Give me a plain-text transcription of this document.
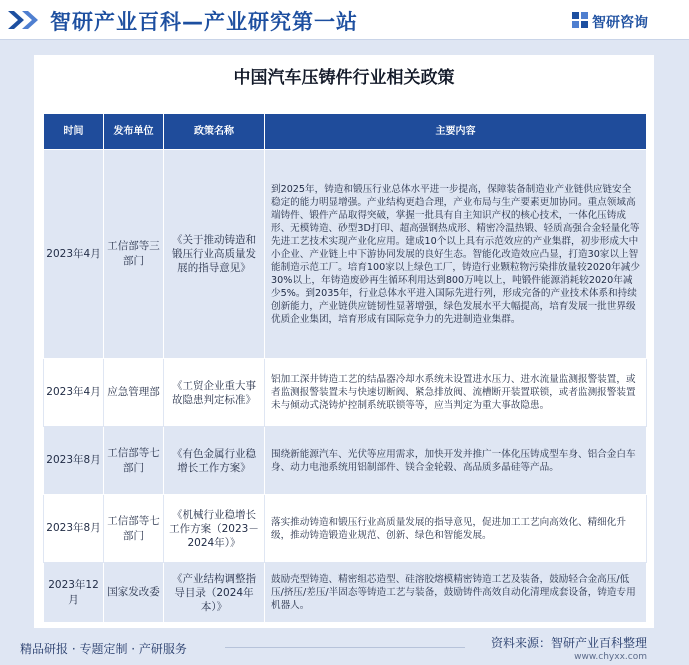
智研产业百科—产业研究第一站	智研咨询
中国汽车压铸件行业相关政策
时间	发布单位	政策名称	主要内容
2023年4月	工信部等三部门	《关于推动铸造和锻压行业高质量发展的指导意见》	到2025年，铸造和锻压行业总体水平进一步提高，保障装备制造业产业链供应链安全稳定的能力明显增强。产业结构更趋合理，产业布局与生产要素更加协同。重点领域高端铸件、锻件产品取得突破，掌握一批具有自主知识产权的核心技术，一体化压铸成形、无模铸造、砂型3D打印、超高强钢热成形、精密冷温热锻、轻质高强合金轻量化等先进工艺技术实现产业化应用。建成10个以上具有示范效应的产业集群，初步形成大中小企业、产业链上中下游协同发展的良好生态。智能化改造效应凸显，打造30家以上智能制造示范工厂。培育100家以上绿色工厂，铸造行业颗粒物污染排放量较2020年减少30%以上，年铸造废砂再生循环利用达到800万吨以上，吨锻件能源消耗较2020年减少5%。到2035年，行业总体水平进入国际先进行列，形成完备的产业技术体系和持续创新能力，产业链供应链韧性显著增强，绿色发展水平大幅提高，培育发展一批世界级优质企业集团，培育形成有国际竞争力的先进制造业集群。
2023年4月	应急管理部	《工贸企业重大事故隐患判定标准》	铝加工深井铸造工艺的结晶器冷却水系统未设置进水压力、进水流量监测报警装置，或者监测报警装置未与快速切断阀、紧急排放阀、流槽断开装置联锁，或者监测报警装置未与倾动式浇铸炉控制系统联锁等等，应当判定为重大事故隐患。
2023年8月	工信部等七部门	《有色金属行业稳增长工作方案》	围绕新能源汽车、光伏等应用需求，加快开发并推广一体化压铸成型车身、铝合金白车身、动力电池系统用铝制部件、镁合金轮毂、高品质多晶硅等产品。
2023年8月	工信部等七部门	《机械行业稳增长工作方案（2023－2024年）》	落实推动铸造和锻压行业高质量发展的指导意见，促进加工工艺向高效化、精细化升级，推动铸造锻造业规范、创新、绿色和智能发展。
2023年12月	国家发改委	《产业结构调整指导目录（2024年本）》	鼓励壳型铸造、精密组芯造型、硅溶胶熔模精密铸造工艺及装备，鼓励轻合金高压/低压/挤压/差压/半固态等铸造工艺与装备，鼓励铸件高效自动化清理成套设备，铸造专用机器人。
精品研报 · 专题定制 · 产研服务	资料来源：智研产业百科整理
www.chyxx.com
